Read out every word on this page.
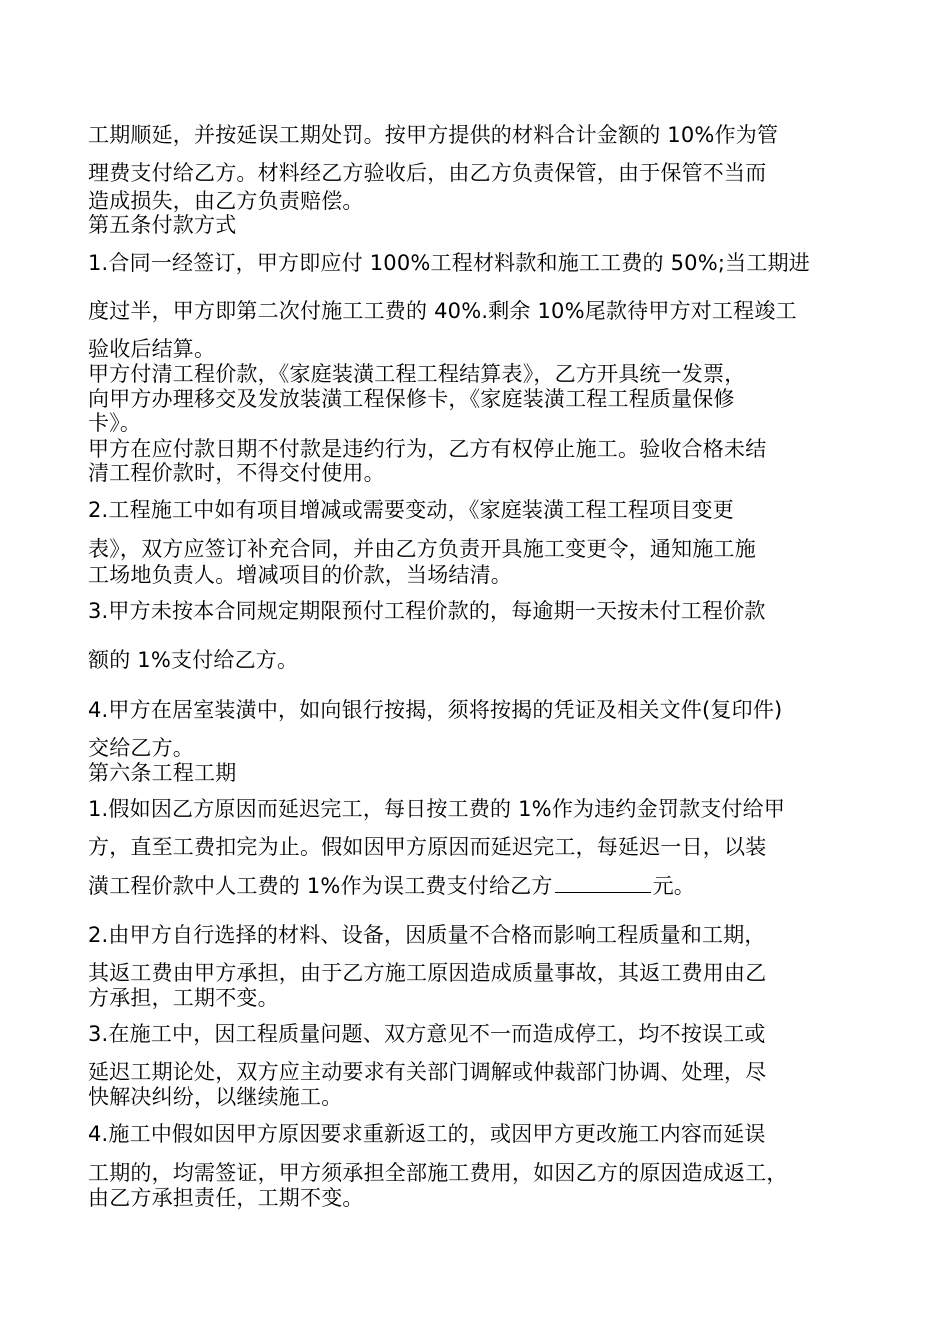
工期顺延，并按延误工期处罚。按甲方提供的材料合计金额的 10%作为管
理费支付给乙方。材料经乙方验收后，由乙方负责保管，由于保管不当而
造成损失，由乙方负责赔偿。
第五条付款方式
1.合同一经签订，甲方即应付 100%工程材料款和施工工费的 50%;当工期进
度过半，甲方即第二次付施工工费的 40%.剩余 10%尾款待甲方对工程竣工
验收后结算。
甲方付清工程价款，《家庭装潢工程工程结算表》，乙方开具统一发票，
向甲方办理移交及发放装潢工程保修卡，《家庭装潢工程工程质量保修
卡》。
甲方在应付款日期不付款是违约行为，乙方有权停止施工。验收合格未结
清工程价款时，不得交付使用。
2.工程施工中如有项目增减或需要变动，《家庭装潢工程工程项目变更
表》，双方应签订补充合同，并由乙方负责开具施工变更令，通知施工施
工场地负责人。增减项目的价款，当场结清。
3.甲方未按本合同规定期限预付工程价款的，每逾期一天按未付工程价款
额的 1%支付给乙方。
4.甲方在居室装潢中，如向银行按揭，须将按揭的凭证及相关文件(复印件)
交给乙方。
第六条工程工期
1.假如因乙方原因而延迟完工，每日按工费的 1%作为违约金罚款支付给甲
方，直至工费扣完为止。假如因甲方原因而延迟完工，每延迟一日，以装
潢工程价款中人工费的 1%作为误工费支付给乙方	元。
2.由甲方自行选择的材料、设备，因质量不合格而影响工程质量和工期，
其返工费由甲方承担，由于乙方施工原因造成质量事故，其返工费用由乙
方承担，工期不变。
3.在施工中，因工程质量问题、双方意见不一而造成停工，均不按误工或
延迟工期论处，双方应主动要求有关部门调解或仲裁部门协调、处理，尽
快解决纠纷，以继续施工。
4.施工中假如因甲方原因要求重新返工的，或因甲方更改施工内容而延误
工期的，均需签证，甲方须承担全部施工费用，如因乙方的原因造成返工，
由乙方承担责任，工期不变。
